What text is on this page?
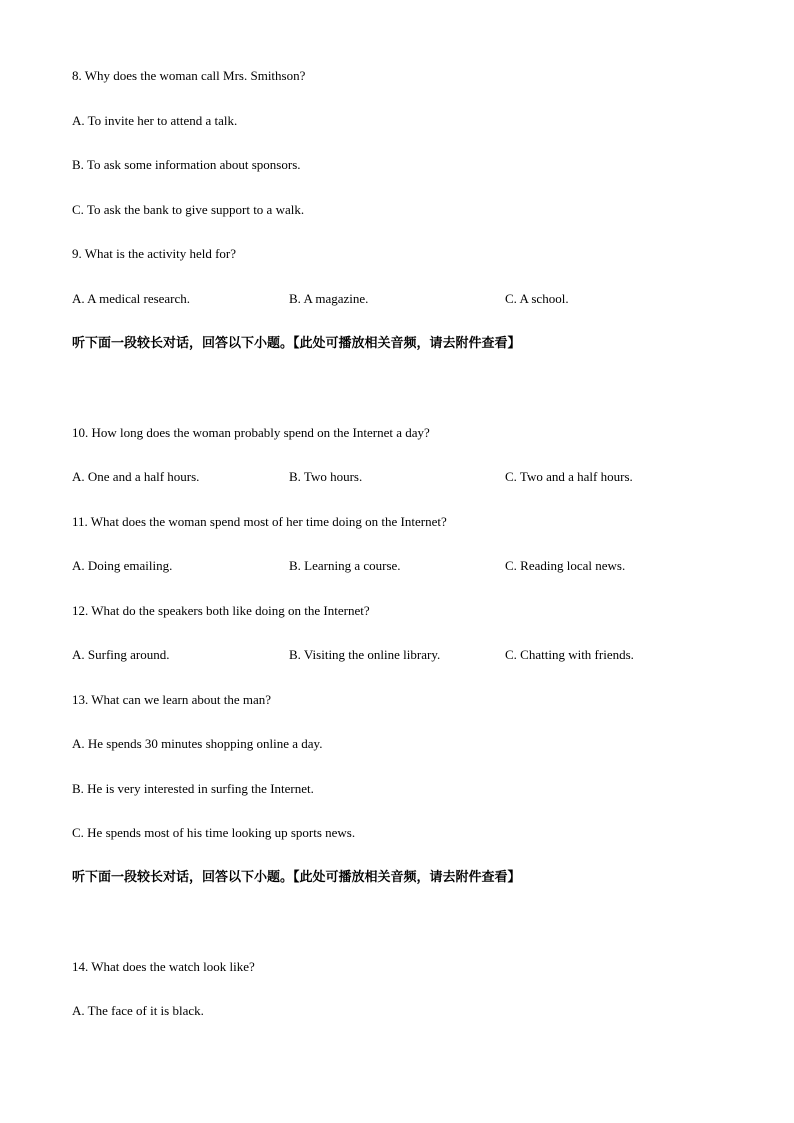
8. Why does the woman call Mrs. Smithson?
A. To invite her to attend a talk.
B. To ask some information about sponsors.
C. To ask the bank to give support to a walk.
9. What is the activity held for?
A. A medical research.	B. A magazine.	C. A school.
听下面一段较长对话，回答以下小题。【此处可播放相关音频，请去附件查看】
10. How long does the woman probably spend on the Internet a day?
A. One and a half hours.	B. Two hours.	C. Two and a half hours.
11. What does the woman spend most of her time doing on the Internet?
A. Doing emailing.	B. Learning a course.	C. Reading local news.
12. What do the speakers both like doing on the Internet?
A. Surfing around.	B. Visiting the online library.	C. Chatting with friends.
13. What can we learn about the man?
A. He spends 30 minutes shopping online a day.
B. He is very interested in surfing the Internet.
C. He spends most of his time looking up sports news.
听下面一段较长对话，回答以下小题。【此处可播放相关音频，请去附件查看】
14. What does the watch look like?
A. The face of it is black.
